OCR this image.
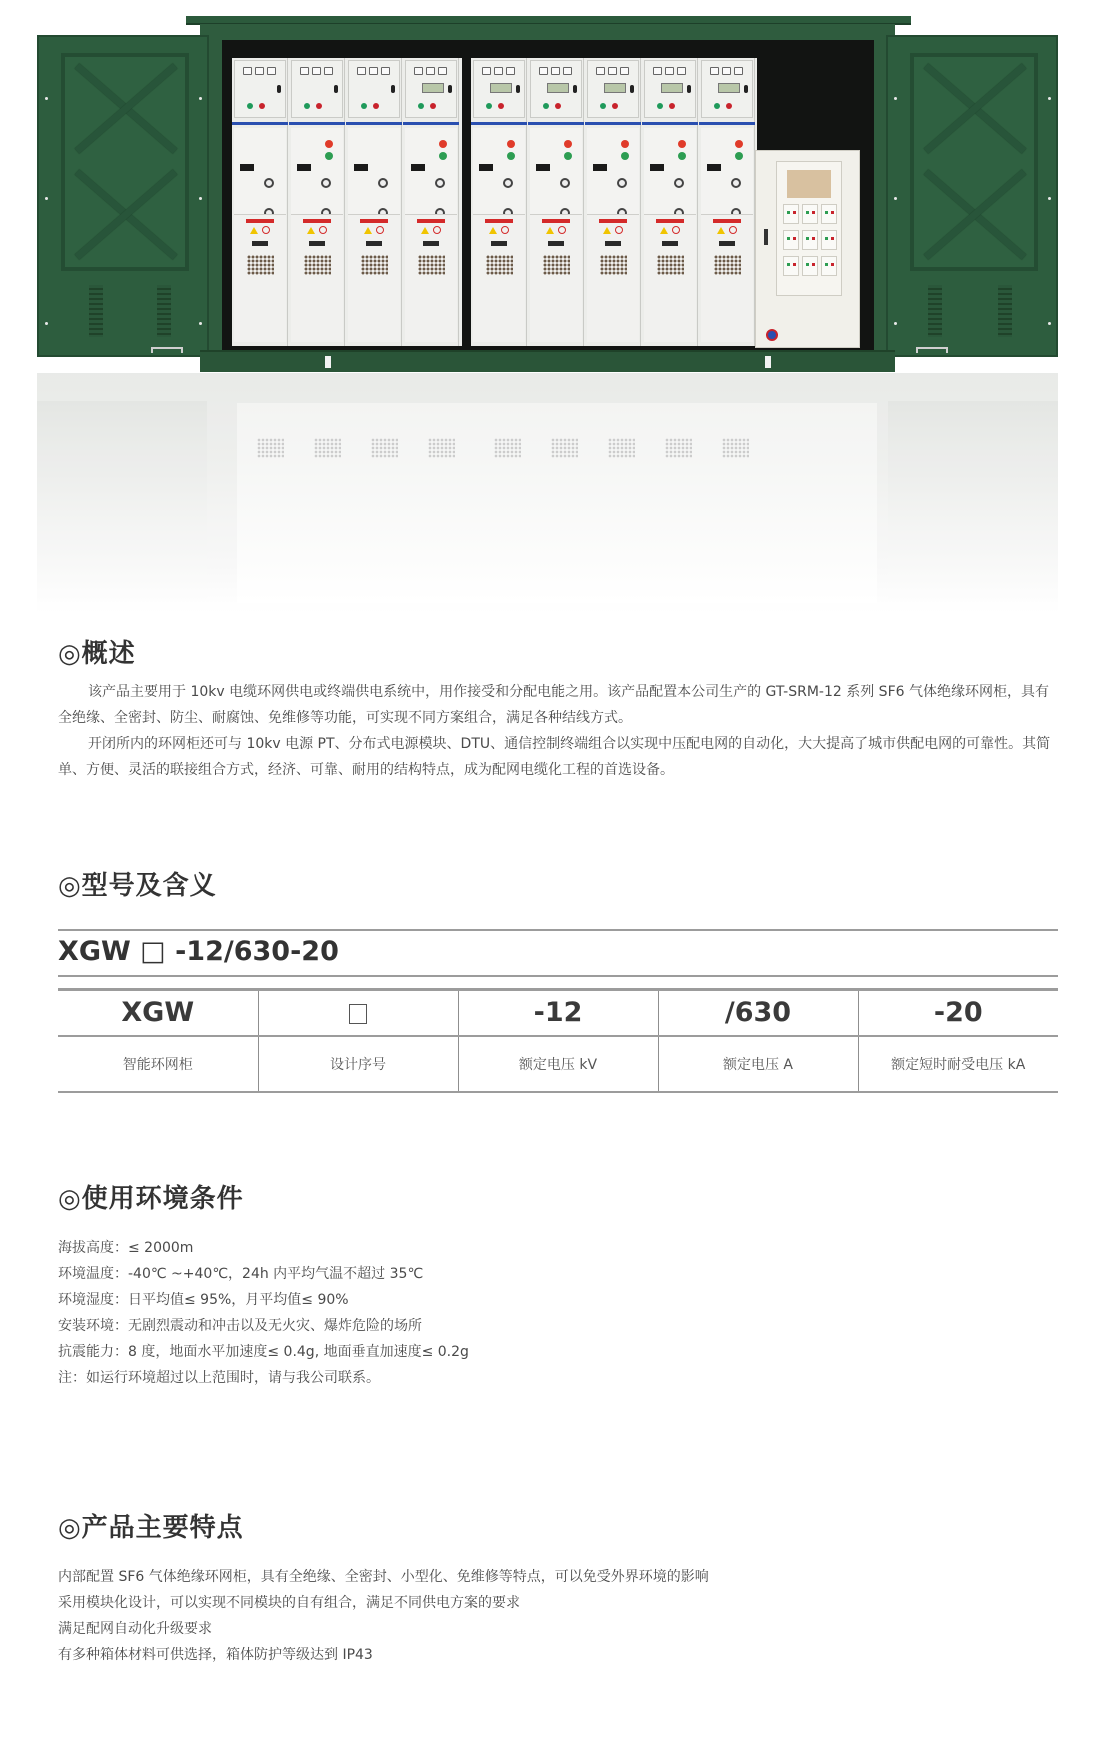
◎概述

该产品主要用于 10kv 电缆环网供电或终端供电系统中，用作接受和分配电能之用。该产品配置本公司生产的 GT-SRM-12 系列 SF6 气体绝缘环网柜，具有全绝缘、全密封、防尘、耐腐蚀、免维修等功能，可实现不同方案组合，满足各种结线方式。

开闭所内的环网柜还可与 10kv 电源 PT、分布式电源模块、DTU、通信控制终端组合以实现中压配电网的自动化，大大提高了城市供配电网的可靠性。其简单、方便、灵活的联接组合方式，经济、可靠、耐用的结构特点，成为配网电缆化工程的首选设备。

◎型号及含义
XGW □ -12/630-20
XGW		-12	/630	-20
智能环网柜	设计序号	额定电压 kV	额定电压 A	额定短时耐受电压 kA
◎使用环境条件
海拔高度：≤ 2000m
环境温度：-40℃ ~+40℃，24h 内平均气温不超过 35℃
环境湿度：日平均值≤ 95%，月平均值≤ 90%
安装环境：无剧烈震动和冲击以及无火灾、爆炸危险的场所
抗震能力：8 度，地面水平加速度≤ 0.4g, 地面垂直加速度≤ 0.2g
注：如运行环境超过以上范围时，请与我公司联系。
◎产品主要特点
内部配置 SF6 气体绝缘环网柜，具有全绝缘、全密封、小型化、免维修等特点，可以免受外界环境的影响
采用模块化设计，可以实现不同模块的自有组合，满足不同供电方案的要求
满足配网自动化升级要求
有多种箱体材料可供选择，箱体防护等级达到 IP43
